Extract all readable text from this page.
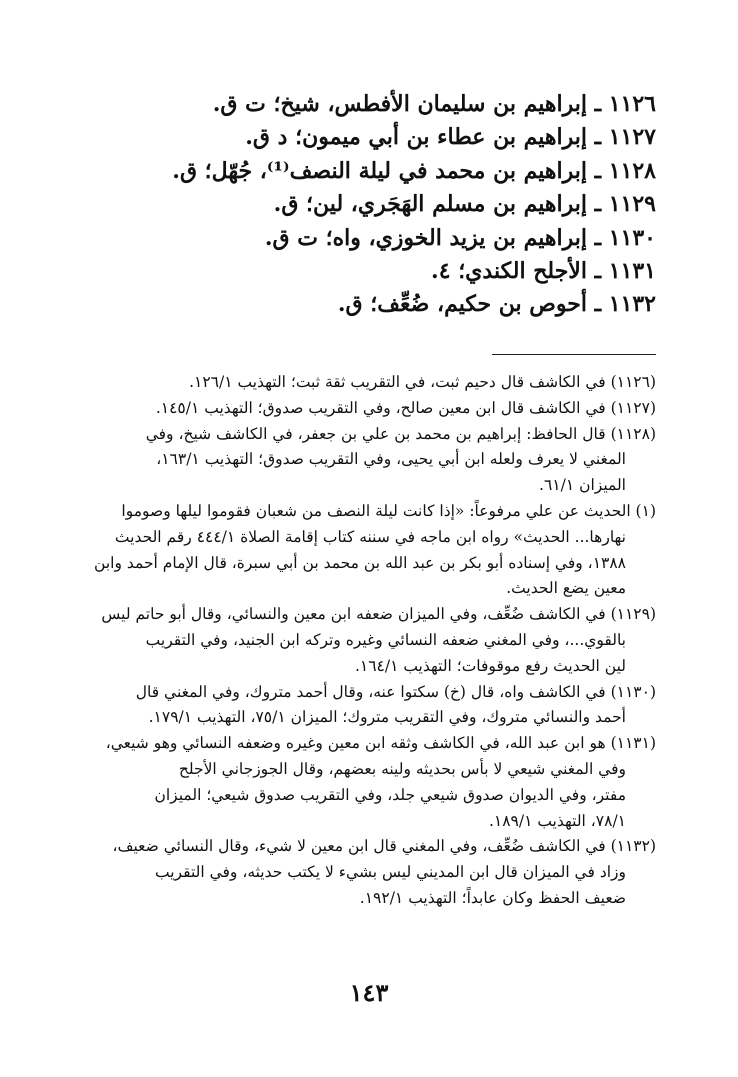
١١٢٦ ـ إبراهيم بن سليمان الأفطس، شيخ؛ ت ق.
١١٢٧ ـ إبراهيم بن عطاء بن أبي ميمون؛ د ق.
١١٢٨ ـ إبراهيم بن محمد في ليلة النصف⁽¹⁾، جُهّل؛ ق.
١١٢٩ ـ إبراهيم بن مسلم الهَجَري، لين؛ ق.
١١٣٠ ـ إبراهيم بن يزيد الخوزي، واه؛ ت ق.
١١٣١ ـ الأجلح الكندي؛ ٤.
١١٣٢ ـ أحوص بن حكيم، ضُعِّف؛ ق.
(١١٢٦) في الكاشف قال دحيم ثبت، في التقريب ثقة ثبت؛ التهذيب ١٢٦/١.
(١١٢٧) في الكاشف قال ابن معين صالح، وفي التقريب صدوق؛ التهذيب ١٤٥/١.
(١١٢٨) قال الحافظ: إبراهيم بن محمد بن علي بن جعفر، في الكاشف شيخ، وفي
المغني لا يعرف ولعله ابن أبي يحيى، وفي التقريب صدوق؛ التهذيب ١٦٣/١،
الميزان ٦١/١.
(١) الحديث عن علي مرفوعاً: «إذا كانت ليلة النصف من شعبان فقوموا ليلها وصوموا
نهارها... الحديث» رواه ابن ماجه في سننه كتاب إقامة الصلاة ٤٤٤/١ رقم الحديث
١٣٨٨، وفي إسناده أبو بكر بن عبد الله بن محمد بن أبي سبرة، قال الإمام أحمد وابن
معين يضع الحديث.
(١١٢٩) في الكاشف ضُعِّف، وفي الميزان ضعفه ابن معين والنسائي، وقال أبو حاتم ليس
بالقوي...، وفي المغني ضعفه النسائي وغيره وتركه ابن الجنيد، وفي التقريب
لين الحديث رفع موقوفات؛ التهذيب ١٦٤/١.
(١١٣٠) في الكاشف واه، قال (خ) سكتوا عنه، وقال أحمد متروك، وفي المغني قال
أحمد والنسائي متروك، وفي التقريب متروك؛ الميزان ٧٥/١، التهذيب ١٧٩/١.
(١١٣١) هو ابن عبد الله، في الكاشف وثقه ابن معين وغيره وضعفه النسائي وهو شيعي،
وفي المغني شيعي لا بأس بحديثه ولينه بعضهم، وقال الجوزجاني الأجلح
مفتر، وفي الديوان صدوق شيعي جلد، وفي التقريب صدوق شيعي؛ الميزان
٧٨/١، التهذيب ١٨٩/١.
(١١٣٢) في الكاشف ضُعِّف، وفي المغني قال ابن معين لا شيء، وقال النسائي ضعيف،
وزاد في الميزان قال ابن المديني ليس بشيء لا يكتب حديثه، وفي التقريب
ضعيف الحفظ وكان عابداً؛ التهذيب ١٩٢/١.
١٤٣
